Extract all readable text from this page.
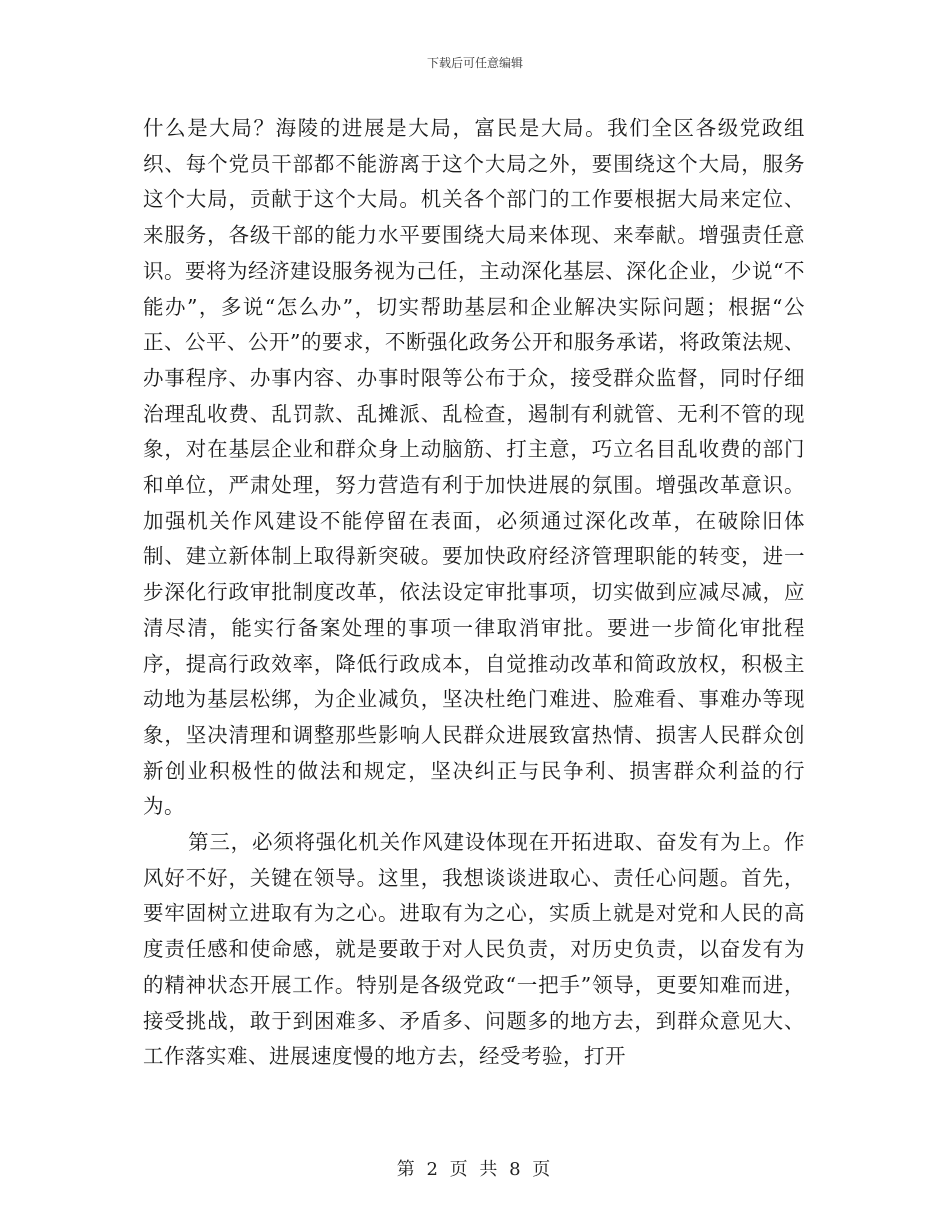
下载后可任意编辑

什么是大局？海陵的进展是大局，富民是大局。我们全区各级党政组织、每个党员干部都不能游离于这个大局之外，要围绕这个大局，服务这个大局，贡献于这个大局。机关各个部门的工作要根据大局来定位、来服务，各级干部的能力水平要围绕大局来体现、来奉献。增强责任意识。要将为经济建设服务视为己任，主动深化基层、深化企业，少说“不能办”，多说“怎么办”，切实帮助基层和企业解决实际问题；根据“公正、公平、公开”的要求，不断强化政务公开和服务承诺，将政策法规、办事程序、办事内容、办事时限等公布于众，接受群众监督，同时仔细治理乱收费、乱罚款、乱摊派、乱检查，遏制有利就管、无利不管的现象，对在基层企业和群众身上动脑筋、打主意，巧立名目乱收费的部门和单位，严肃处理，努力营造有利于加快进展的氛围。增强改革意识。加强机关作风建设不能停留在表面，必须通过深化改革，在破除旧体制、建立新体制上取得新突破。要加快政府经济管理职能的转变，进一步深化行政审批制度改革，依法设定审批事项，切实做到应减尽减，应清尽清，能实行备案处理的事项一律取消审批。要进一步简化审批程序，提高行政效率，降低行政成本，自觉推动改革和简政放权，积极主动地为基层松绑，为企业减负，坚决杜绝门难进、脸难看、事难办等现象，坚决清理和调整那些影响人民群众进展致富热情、损害人民群众创新创业积极性的做法和规定，坚决纠正与民争利、损害群众利益的行为。

第三，必须将强化机关作风建设体现在开拓进取、奋发有为上。作风好不好，关键在领导。这里，我想谈谈进取心、责任心问题。首先，要牢固树立进取有为之心。进取有为之心，实质上就是对党和人民的高度责任感和使命感，就是要敢于对人民负责，对历史负责，以奋发有为的精神状态开展工作。特别是各级党政“一把手”领导，更要知难而进，接受挑战，敢于到困难多、矛盾多、问题多的地方去，到群众意见大、工作落实难、进展速度慢的地方去，经受考验，打开

第 2 页 共 8 页
